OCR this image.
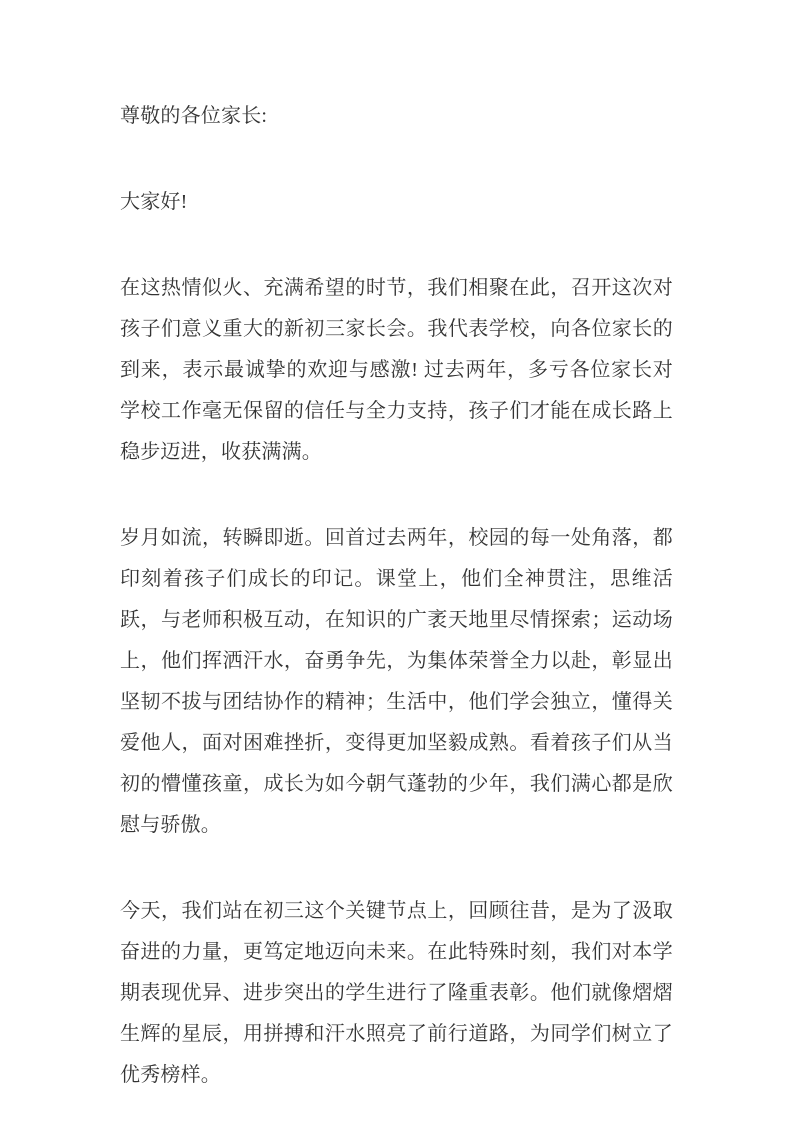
尊敬的各位家长:

大家好!

在这热情似火、充满希望的时节，我们相聚在此，召开这次对孩子们意义重大的新初三家长会。我代表学校，向各位家长的到来，表示最诚挚的欢迎与感激! 过去两年，多亏各位家长对学校工作毫无保留的信任与全力支持，孩子们才能在成长路上稳步迈进，收获满满。

岁月如流，转瞬即逝。回首过去两年，校园的每一处角落，都印刻着孩子们成长的印记。课堂上，他们全神贯注，思维活跃，与老师积极互动，在知识的广袤天地里尽情探索；运动场上，他们挥洒汗水，奋勇争先，为集体荣誉全力以赴，彰显出坚韧不拔与团结协作的精神；生活中，他们学会独立，懂得关爱他人，面对困难挫折，变得更加坚毅成熟。看着孩子们从当初的懵懂孩童，成长为如今朝气蓬勃的少年，我们满心都是欣慰与骄傲。

今天，我们站在初三这个关键节点上，回顾往昔，是为了汲取奋进的力量，更笃定地迈向未来。在此特殊时刻，我们对本学期表现优异、进步突出的学生进行了隆重表彰。他们就像熠熠生辉的星辰，用拼搏和汗水照亮了前行道路，为同学们树立了优秀榜样。
